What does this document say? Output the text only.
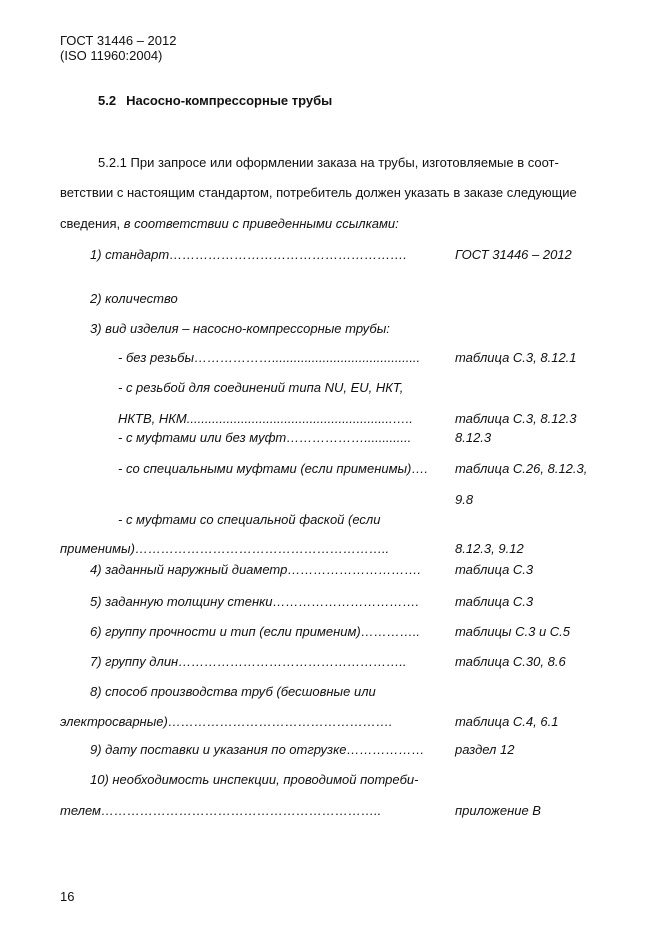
ГОСТ 31446 – 2012
(ISO 11960:2004)
5.2 Насосно-компрессорные трубы
5.2.1 При запросе или оформлении заказа на трубы, изготовляемые в соот-
ветствии с настоящим стандартом, потребитель должен указать в заказе следующие
сведения, в соответствии с приведенными ссылками:
1) стандарт……………………………………………….	ГОСТ 31446 – 2012
2) количество
3) вид изделия – насосно-компрессорные трубы:
- без резьбы……………….........................................	таблица С.3, 8.12.1
- с резьбой для соединений типа NU, EU, НКТ,
НКТВ, НКМ.........................................................…..	таблица С.3, 8.12.3
- с муфтами или без муфт……………….............	8.12.3
- со специальными муфтами (если применимы)…. таблица С.26, 8.12.3,
9.8
- с муфтами со специальной фаской (если
применимы)…………………………………………………..	8.12.3, 9.12
4) заданный наружный диаметр………………………….	таблица С.3
5) заданную толщину стенки…………………………….	таблица С.3
6) группу прочности и тип (если применим)…………..	таблицы С.3 и С.5
7) группу длин……………………………………………..	таблица С.30, 8.6
8) способ производства труб (бесшовные или
электросварные)…………………………………………….	таблица С.4, 6.1
9) дату поставки и указания по отгрузке……………… раздел 12
10) необходимость инспекции, проводимой потреби-
телем………………………………………………………..	приложение В
16
